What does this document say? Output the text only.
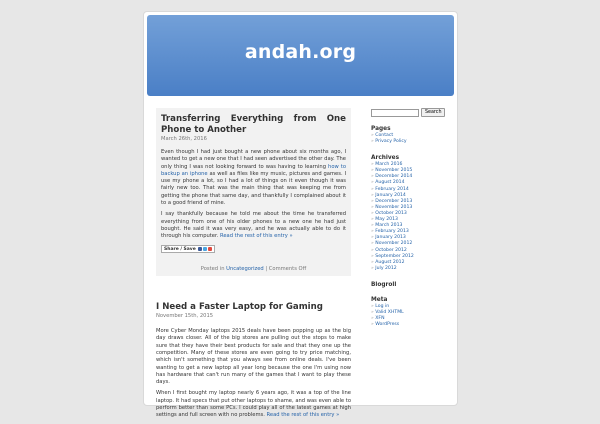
andah.org
Transferring Everything from One Phone to Another
March 26th, 2016

Even though I had just bought a new phone about six months ago, I wanted to get a new one that I had seen advertised the other day. The only thing I was not looking forward to was having to learning how to backup an iphone as well as files like my music, pictures and games. I use my phone a lot, so I had a lot of things on it even though it was fairly new too. That was the main thing that was keeping me from getting the phone that same day, and thankfully I complained about it to a good friend of mine.

I say thankfully because he told me about the time he transferred everything from one of his older phones to a new one he had just bought. He said it was very easy, and he was actually able to do it through his computer. Read the rest of this entry »

Share / Save
Posted in Uncategorized | Comments Off
I Need a Faster Laptop for Gaming
November 15th, 2015

More Cyber Monday laptops 2015 deals have been popping up as the big day draws closer. All of the big stores are pulling out the stops to make sure that they have their best products for sale and that they one up the competition. Many of these stores are even going to try price matching, which isn't something that you always see from online deals. I've been wanting to get a new laptop all year long because the one I'm using now has hardware that can't run many of the games that I want to play these days.

When I first bought my laptop nearly 6 years ago, it was a top of the line laptop. It had specs that put other laptops to shame, and was even able to perform better than some PCs. I could play all of the latest games at high settings and full screen with no problems. Read the rest of this entry »

Search
Pages
» Contact
» Privacy Policy
Archives
» March 2016
» November 2015
» December 2014
» August 2014
» February 2014
» January 2014
» December 2013
» November 2013
» October 2013
» May 2013
» March 2013
» February 2013
» January 2013
» November 2012
» October 2012
» September 2012
» August 2012
» July 2012
Blogroll
Meta
» Log in
» Valid XHTML
» XFN
» WordPress
